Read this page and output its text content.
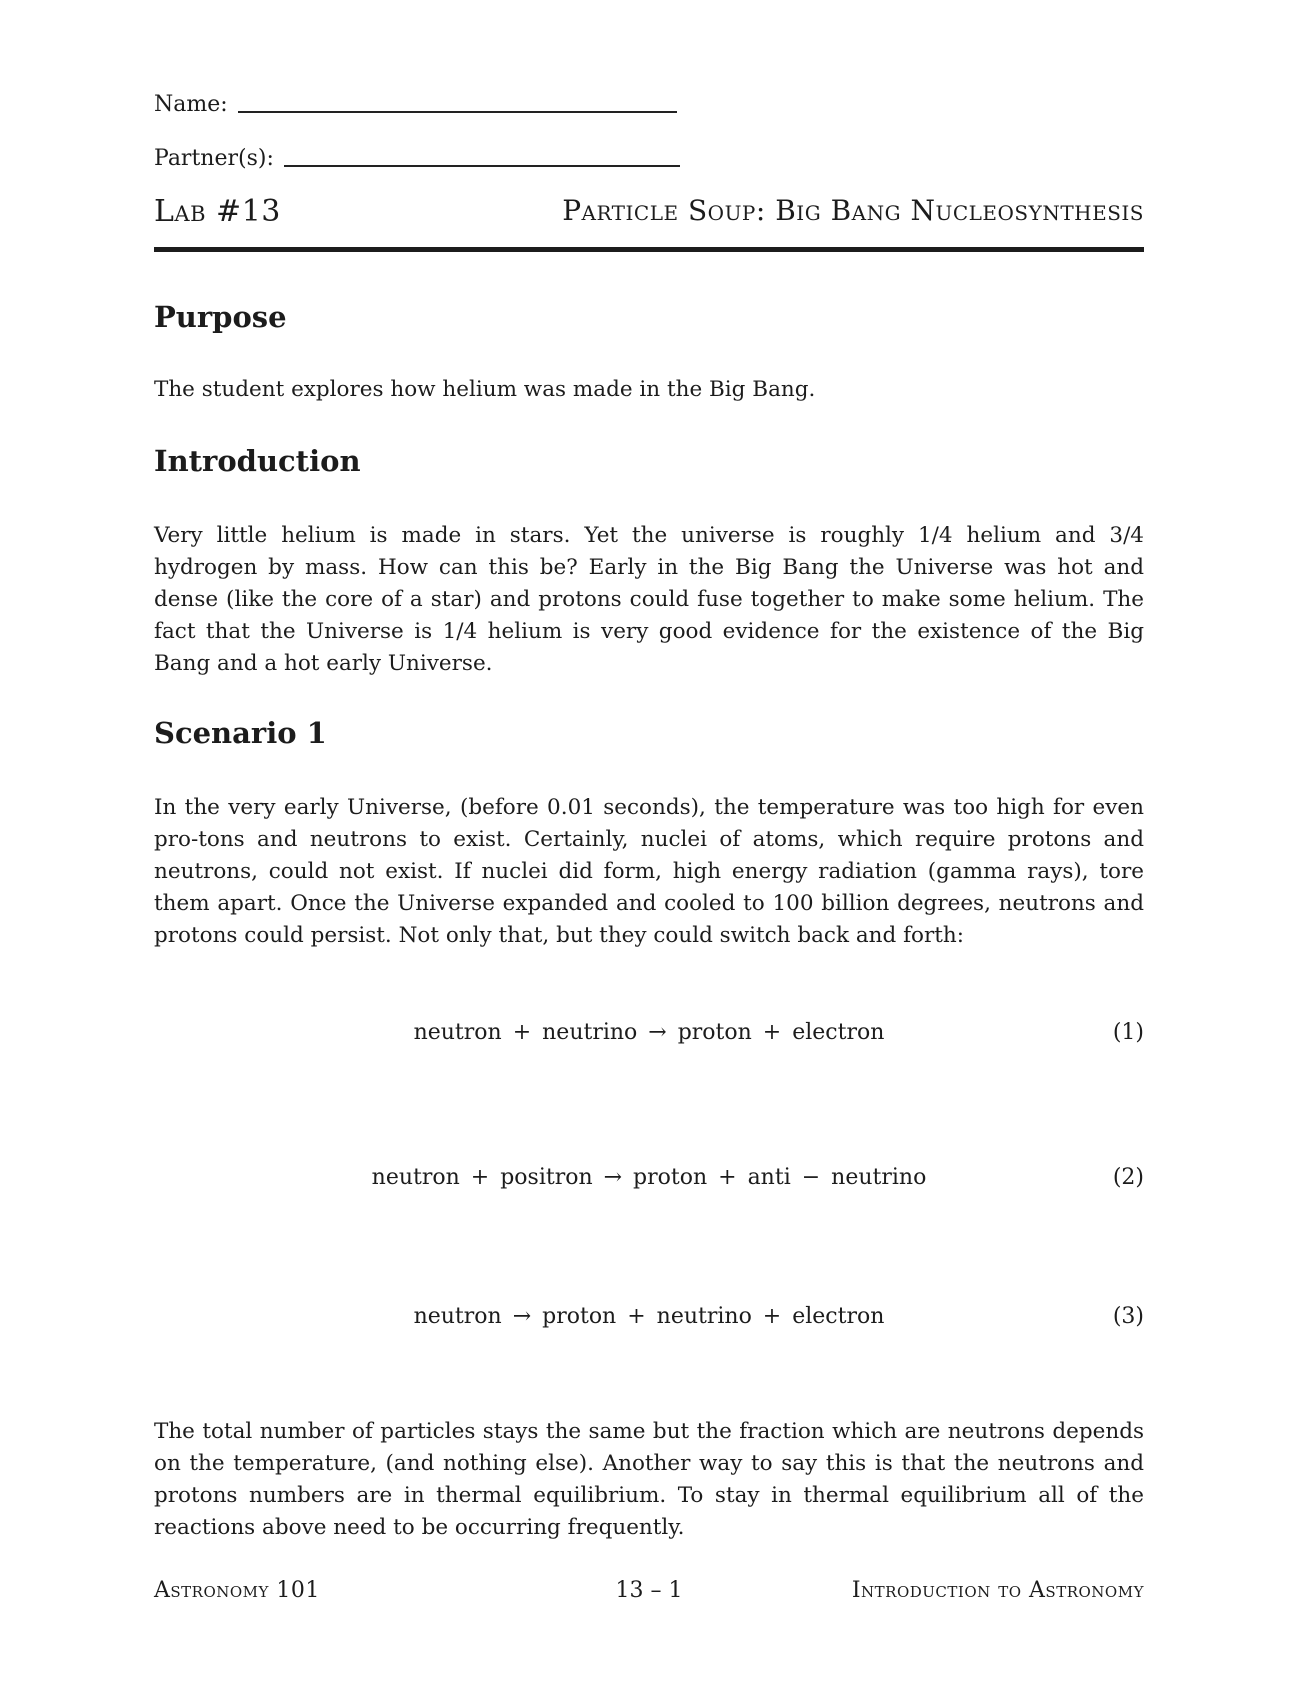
Name:
Partner(s):
Lab #13	Particle Soup: Big Bang Nucleosynthesis
Purpose

The student explores how helium was made in the Big Bang.

Introduction

Very little helium is made in stars. Yet the universe is roughly 1/4 helium and 3/4 hydrogen by mass. How can this be? Early in the Big Bang the Universe was hot and dense (like the core of a star) and protons could fuse together to make some helium. The fact that the Universe is 1/4 helium is very good evidence for the existence of the Big Bang and a hot early Universe.

Scenario 1

In the very early Universe, (before 0.01 seconds), the temperature was too high for even pro-tons and neutrons to exist. Certainly, nuclei of atoms, which require protons and neutrons, could not exist. If nuclei did form, high energy radiation (gamma rays), tore them apart. Once the Universe expanded and cooled to 100 billion degrees, neutrons and protons could persist. Not only that, but they could switch back and forth:

neutron + neutrino → proton + electron	(1)
neutron + positron → proton + anti − neutrino	(2)
neutron → proton + neutrino + electron	(3)

The total number of particles stays the same but the fraction which are neutrons depends on the temperature, (and nothing else). Another way to say this is that the neutrons and protons numbers are in thermal equilibrium. To stay in thermal equilibrium all of the reactions above need to be occurring frequently.

Astronomy 101	13 – 1	Introduction to Astronomy
